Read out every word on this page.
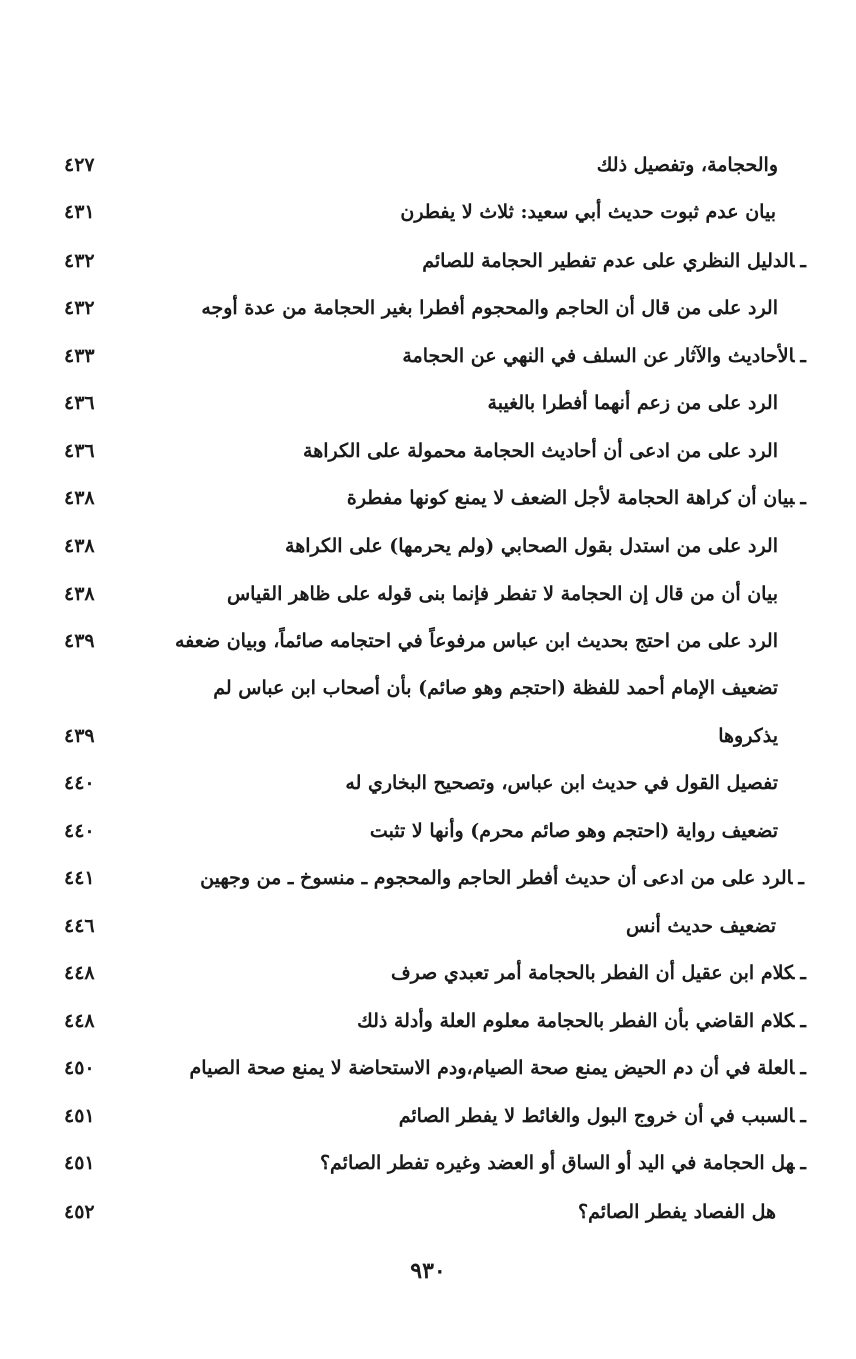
والحجامة، وتفصيل ذلك
٤٢٧
بيان عدم ثبوت حديث أبي سعيد: ثلاث لا يفطرن
٤٣١
ـالدليل النظري على عدم تفطير الحجامة للصائم
٤٣٢
الرد على من قال أن الحاجم والمحجوم أفطرا بغير الحجامة من عدة أوجه
٤٣٢
ـالأحاديث والآثار عن السلف في النهي عن الحجامة
٤٣٣
الرد على من زعم أنهما أفطرا بالغيبة
٤٣٦
الرد على من ادعى أن أحاديث الحجامة محمولة على الكراهة
٤٣٦
ـبيان أن كراهة الحجامة لأجل الضعف لا يمنع كونها مفطرة
٤٣٨
الرد على من استدل بقول الصحابي (ولم يحرمها) على الكراهة
٤٣٨
بيان أن من قال إن الحجامة لا تفطر فإنما بنى قوله على ظاهر القياس
٤٣٨
الرد على من احتج بحديث ابن عباس مرفوعاً في احتجامه صائماً، وبيان ضعفه
٤٣٩
تضعيف الإمام أحمد للفظة (احتجم وهو صائم) بأن أصحاب ابن عباس لم
يذكروها
٤٣٩
تفصيل القول في حديث ابن عباس، وتصحيح البخاري له
٤٤٠
تضعيف رواية (احتجم وهو صائم محرم) وأنها لا تثبت
٤٤٠
ـالرد على من ادعى أن حديث أفطر الحاجم والمحجوم ـ منسوخ ـ من وجهين
٤٤١
تضعيف حديث أنس
٤٤٦
ـكلام ابن عقيل أن الفطر بالحجامة أمر تعبدي صرف
٤٤٨
ـكلام القاضي بأن الفطر بالحجامة معلوم العلة وأدلة ذلك
٤٤٨
ـالعلة في أن دم الحيض يمنع صحة الصيام،ودم الاستحاضة لا يمنع صحة الصيام
٤٥٠
ـالسبب في أن خروج البول والغائط لا يفطر الصائم
٤٥١
ـهل الحجامة في اليد أو الساق أو العضد وغيره تفطر الصائم؟
٤٥١
هل الفصاد يفطر الصائم؟
٤٥٢
٩٣٠
